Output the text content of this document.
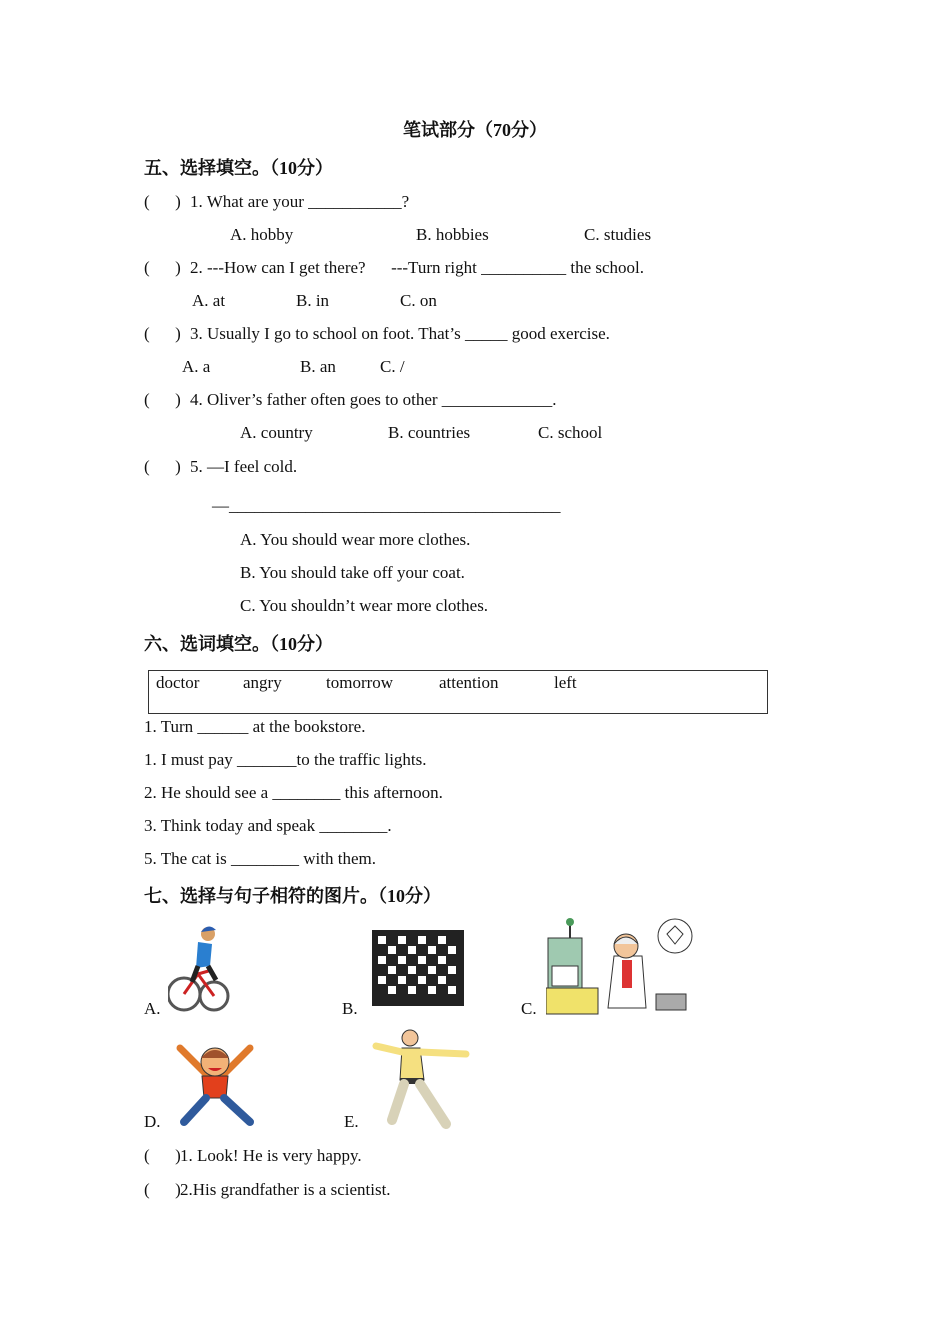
笔试部分（70分）
五、选择填空。（10分）
(      ) 1. What are your ___________?
A. hobby	B. hobbies	C. studies
(      ) 2. ---How can I get there?      ---Turn right __________ the school.
A. at	B. in	C. on
(      ) 3. Usually I go to school on foot. That’s _____ good exercise.
A. a	B. an	C. /
(      ) 4. Oliver’s father often goes to other _____________.
A. country	B. countries	C. school
(      ) 5. —I feel cold.
—_______________________________________
A. You should wear more clothes.
B. You should take off your coat.
C. You shouldn’t wear more clothes.
六、选词填空。（10分）
doctor	angry	tomorrow	attention	left
1. Turn ______ at the bookstore.
1. I must pay _______to the traffic lights.
2. He should see a ________ this afternoon.
3. Think today and speak ________.
5. The cat is ________ with them.
七、选择与句子相符的图片。（10分）
A.	B.	C.
D.	E.
(      ) 1. Look! He is very happy.
(      ) 2.His grandfather is a scientist.
